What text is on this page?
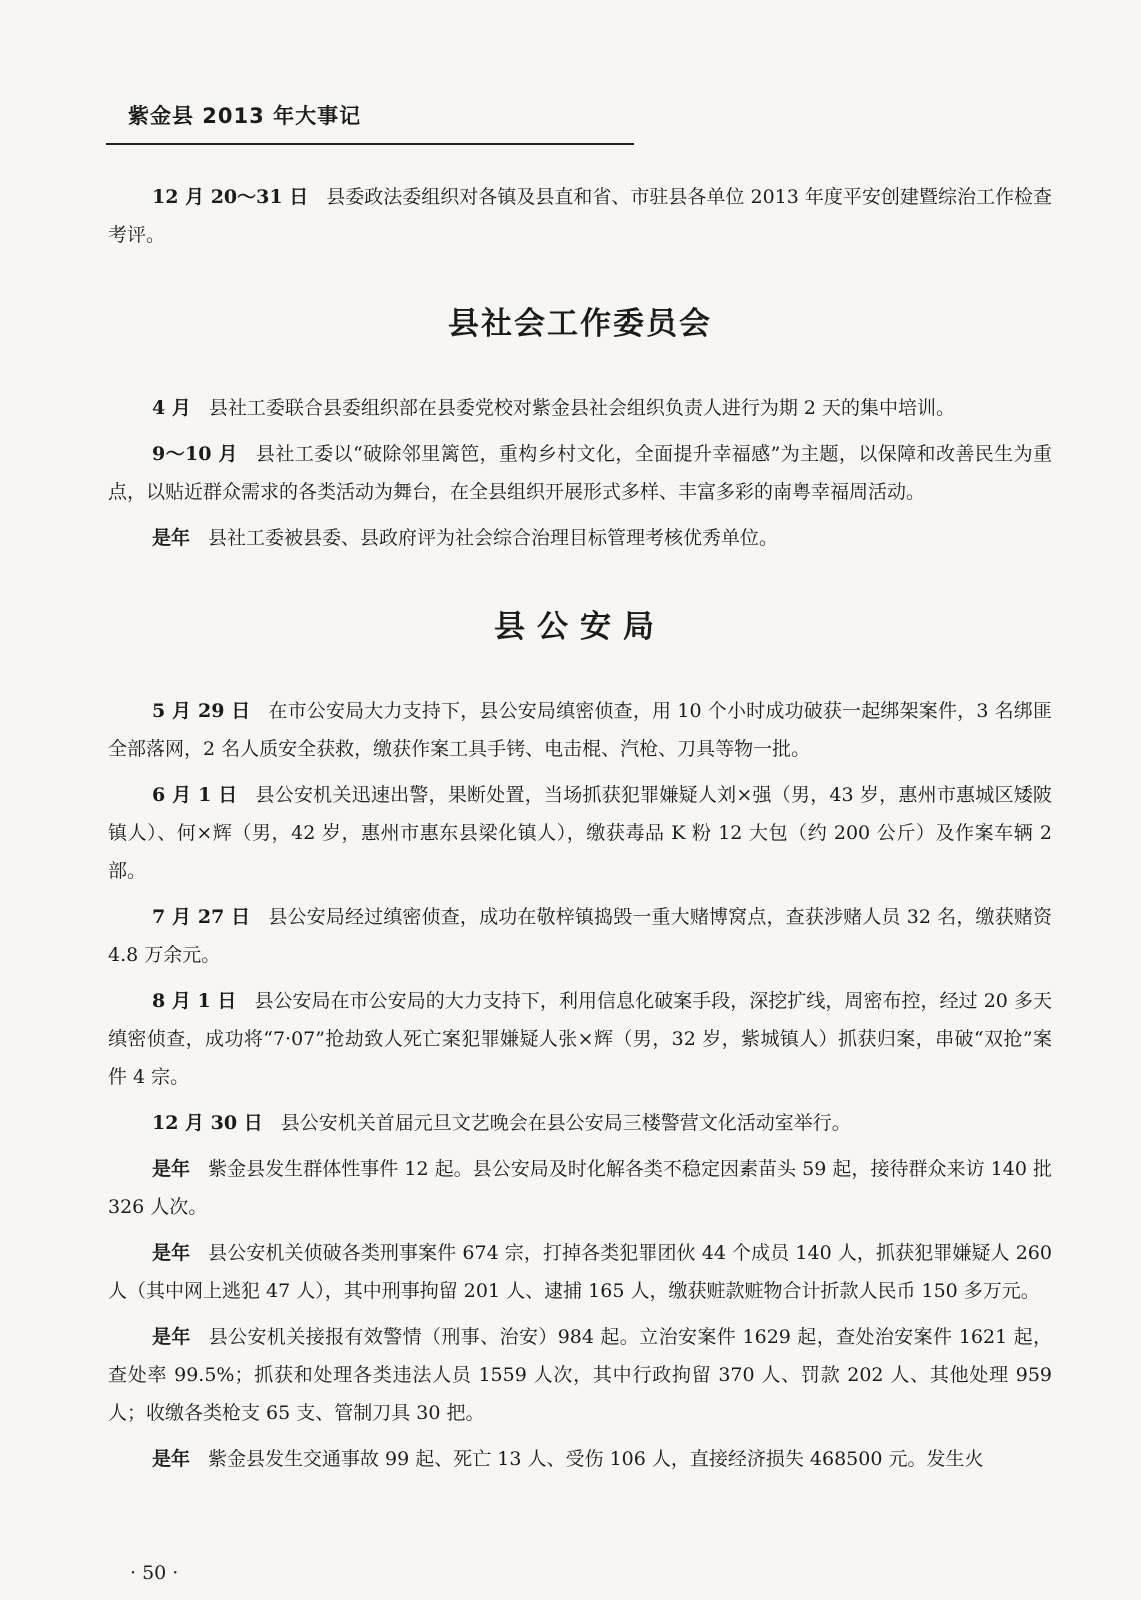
紫金县 2013 年大事记

12 月 20～31 日 县委政法委组织对各镇及县直和省、市驻县各单位 2013 年度平安创建暨综治工作检查考评。

县社会工作委员会

4 月 县社工委联合县委组织部在县委党校对紫金县社会组织负责人进行为期 2 天的集中培训。

9～10 月 县社工委以“破除邻里篱笆，重构乡村文化，全面提升幸福感”为主题，以保障和改善民生为重点，以贴近群众需求的各类活动为舞台，在全县组织开展形式多样、丰富多彩的南粤幸福周活动。

是年 县社工委被县委、县政府评为社会综合治理目标管理考核优秀单位。

县公安局

5 月 29 日 在市公安局大力支持下，县公安局缜密侦查，用 10 个小时成功破获一起绑架案件，3 名绑匪全部落网，2 名人质安全获救，缴获作案工具手铐、电击棍、汽枪、刀具等物一批。

6 月 1 日 县公安机关迅速出警，果断处置，当场抓获犯罪嫌疑人刘×强（男，43 岁，惠州市惠城区矮陂镇人）、何×辉（男，42 岁，惠州市惠东县梁化镇人），缴获毒品 K 粉 12 大包（约 200 公斤）及作案车辆 2 部。

7 月 27 日 县公安局经过缜密侦查，成功在敬梓镇捣毁一重大赌博窝点，查获涉赌人员 32 名，缴获赌资 4.8 万余元。

8 月 1 日 县公安局在市公安局的大力支持下，利用信息化破案手段，深挖扩线，周密布控，经过 20 多天缜密侦查，成功将“7·07”抢劫致人死亡案犯罪嫌疑人张×辉（男，32 岁，紫城镇人）抓获归案，串破“双抢”案件 4 宗。

12 月 30 日 县公安机关首届元旦文艺晚会在县公安局三楼警营文化活动室举行。

是年 紫金县发生群体性事件 12 起。县公安局及时化解各类不稳定因素苗头 59 起，接待群众来访 140 批 326 人次。

是年 县公安机关侦破各类刑事案件 674 宗，打掉各类犯罪团伙 44 个成员 140 人，抓获犯罪嫌疑人 260 人（其中网上逃犯 47 人），其中刑事拘留 201 人、逮捕 165 人，缴获赃款赃物合计折款人民币 150 多万元。

是年 县公安机关接报有效警情（刑事、治安）984 起。立治安案件 1629 起，查处治安案件 1621 起，查处率 99.5%；抓获和处理各类违法人员 1559 人次，其中行政拘留 370 人、罚款 202 人、其他处理 959 人；收缴各类枪支 65 支、管制刀具 30 把。

是年 紫金县发生交通事故 99 起、死亡 13 人、受伤 106 人，直接经济损失 468500 元。发生火

· 50 ·
